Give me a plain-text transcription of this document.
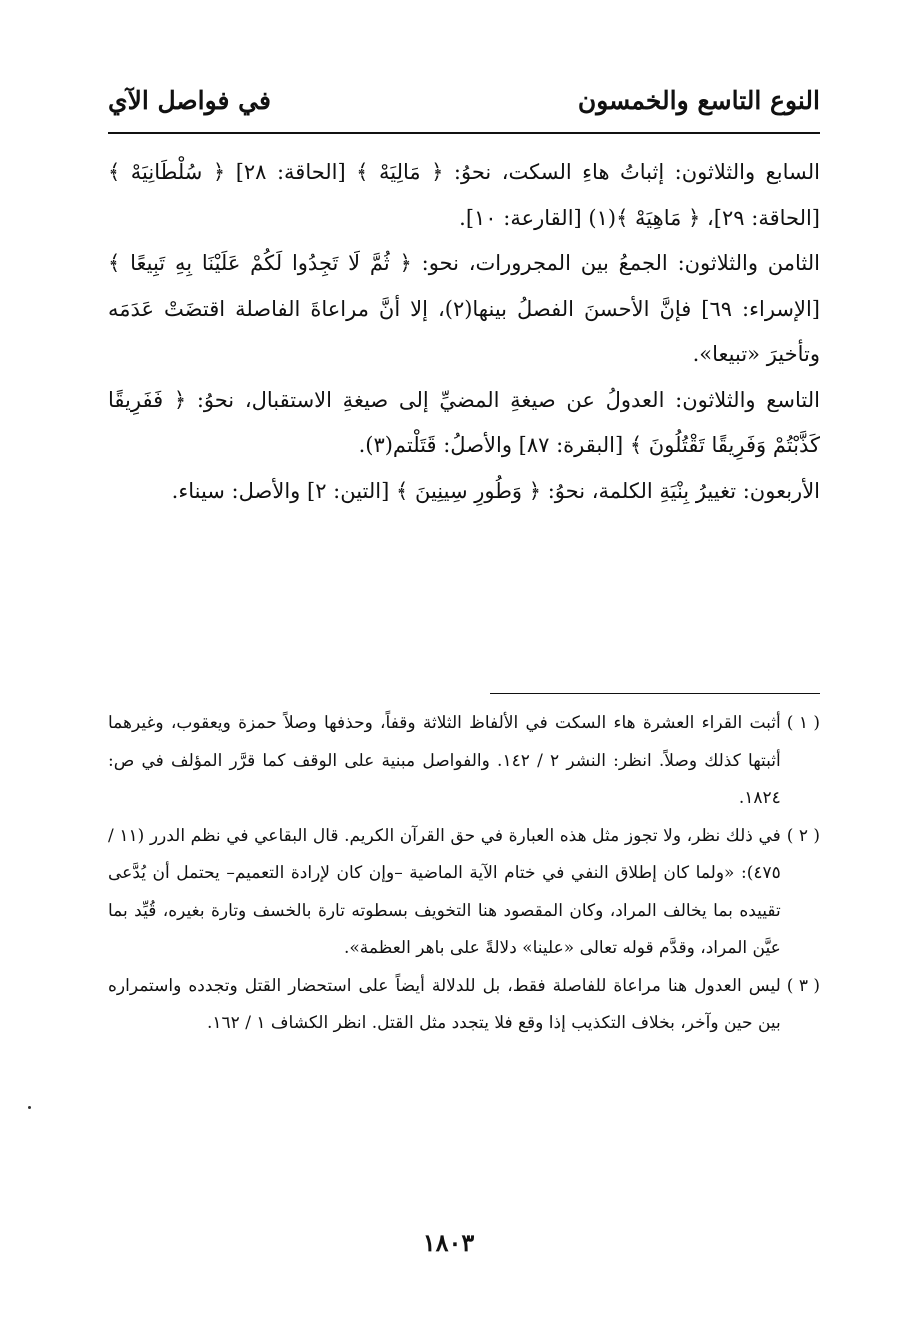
النوع التاسع والخمسون
في فواصل الآي

السابع والثلاثون: إثباتُ هاءِ السكت، نحوُ: ﴿ مَالِيَهْ ﴾ [الحاقة: ٢٨] ﴿ سُلْطَانِيَهْ ﴾ [الحاقة: ٢٩]، ﴿ مَاهِيَهْ ﴾(١) [القارعة: ١٠].

الثامن والثلاثون: الجمعُ بين المجرورات، نحو: ﴿ ثُمَّ لَا تَجِدُوا لَكُمْ عَلَيْنَا بِهِ تَبِيعًا ﴾ [الإسراء: ٦٩] فإنَّ الأحسنَ الفصلُ بينها(٢)، إلا أنَّ مراعاةَ الفاصلة اقتضَتْ عَدَمَه وتأخيرَ «تبيعا».

التاسع والثلاثون: العدولُ عن صيغةِ المضيِّ إلى صيغةِ الاستقبال، نحوُ: ﴿ فَفَرِيقًا كَذَّبْتُمْ وَفَرِيقًا تَقْتُلُونَ ﴾ [البقرة: ٨٧] والأصلُ: قَتَلْتم(٣).

الأربعون: تغييرُ بِنْيَةِ الكلمة، نحوُ: ﴿ وَطُورِ سِينِينَ ﴾ [التين: ٢] والأصل: سيناء.

( ١ )
أثبت القراء العشرة هاء السكت في الألفاظ الثلاثة وقفاً، وحذفها وصلاً حمزة ويعقوب، وغيرهما أثبتها كذلك وصلاً. انظر: النشر ٢ / ١٤٢. والفواصل مبنية على الوقف كما قرَّر المؤلف في ص: ١٨٢٤.
( ٢ )
في ذلك نظر، ولا تجوز مثل هذه العبارة في حق القرآن الكريم. قال البقاعي في نظم الدرر (١١ / ٤٧٥): «ولما كان إطلاق النفي في ختام الآية الماضية –وإن كان لإرادة التعميم– يحتمل أن يُدَّعى تقييده بما يخالف المراد، وكان المقصود هنا التخويف بسطوته تارة بالخسف وتارة بغيره، قُيِّد بما عيَّن المراد، وقدَّم قوله تعالى «علينا» دلالةً على باهر العظمة».
( ٣ )
ليس العدول هنا مراعاة للفاصلة فقط، بل للدلالة أيضاً على استحضار القتل وتجدده واستمراره بين حين وآخر، بخلاف التكذيب إذا وقع فلا يتجدد مثل القتل. انظر الكشاف ١ / ١٦٢.
١٨٠٣
